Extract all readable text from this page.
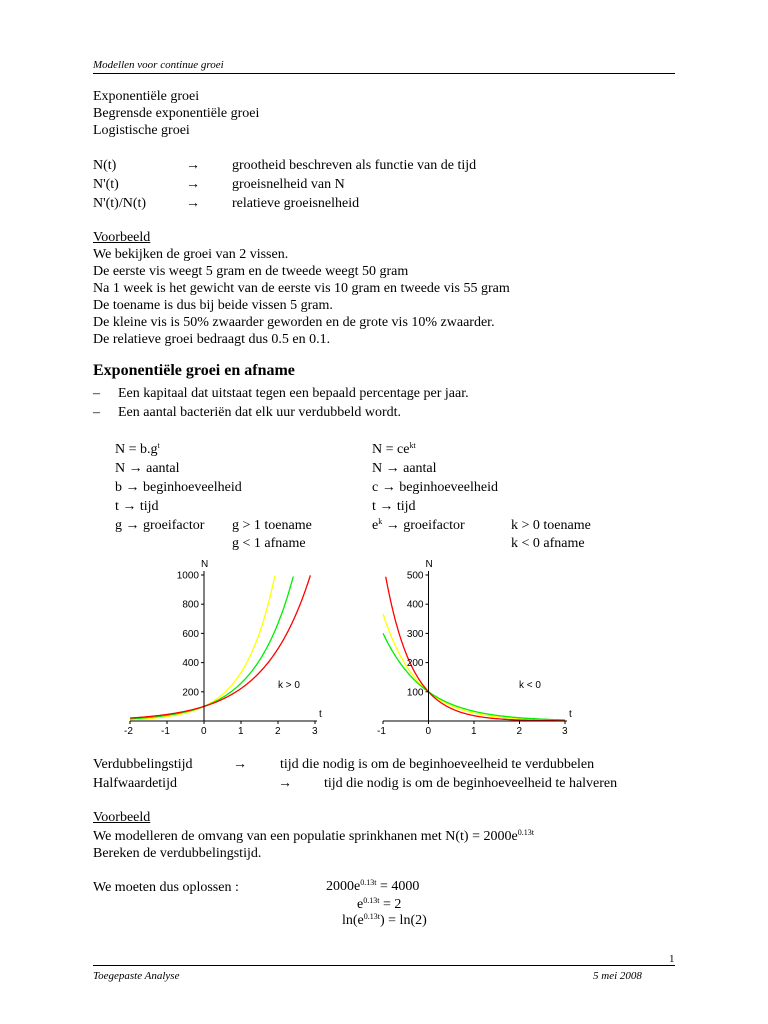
Modellen voor continue groei
Exponentiële groei
Begrensde exponentiële groei
Logistische groei
N(t)	→ grootheid beschreven als functie van de tijd
N'(t)	→ groeisnelheid van N
N'(t)/N(t)	→ relatieve groeisnelheid
Voorbeeld
We bekijken de groei van 2 vissen.
De eerste vis weegt 5 gram en de tweede weegt 50 gram
Na 1 week is het gewicht van de eerste vis 10 gram en tweede vis 55 gram
De toename is dus bij beide vissen 5 gram.
De kleine vis is 50% zwaarder geworden en de grote vis 10% zwaarder.
De relatieve groei bedraagt dus 0.5 en 0.1.
Exponentiële groei en afname
– Een kapitaal dat uitstaat tegen een bepaald percentage per jaar.
– Een aantal bacteriën dat elk uur verdubbeld wordt.
$N = b.g^t$
N → aantal
b → beginhoeveelheid
t → tijd
g → groeifactor g > 1 toename
g < 1 afname
$N = ce^{kt}$
N → aantal
c → beginhoeveelheid
t → tijd
$e^k$ → groeifactor	k > 0 toename
k < 0 afname
-2	-1	0	1	2	3
200
400
600
800
1000
N
t
k > 0
-1	0	1	2	3
100
200
300
400
500
N
t
k < 0
Verdubbelingstijd	→ tijd die nodig is om de beginhoeveelheid te verdubbelen
Halfwaardetijd	→ tijd die nodig is om de beginhoeveelheid te halveren
Voorbeeld
We modelleren de omvang van een populatie sprinkhanen met $N(t) = 2000e^{0.13t}$
Bereken de verdubbelingstijd.
We moeten dus oplossen :	$2000e^{0.13t} = 4000$
$e^{0.13t} = 2$
$\ln(e^{0.13t}) = \ln(2)$
1
Toegepaste Analyse	5 mei 2008
